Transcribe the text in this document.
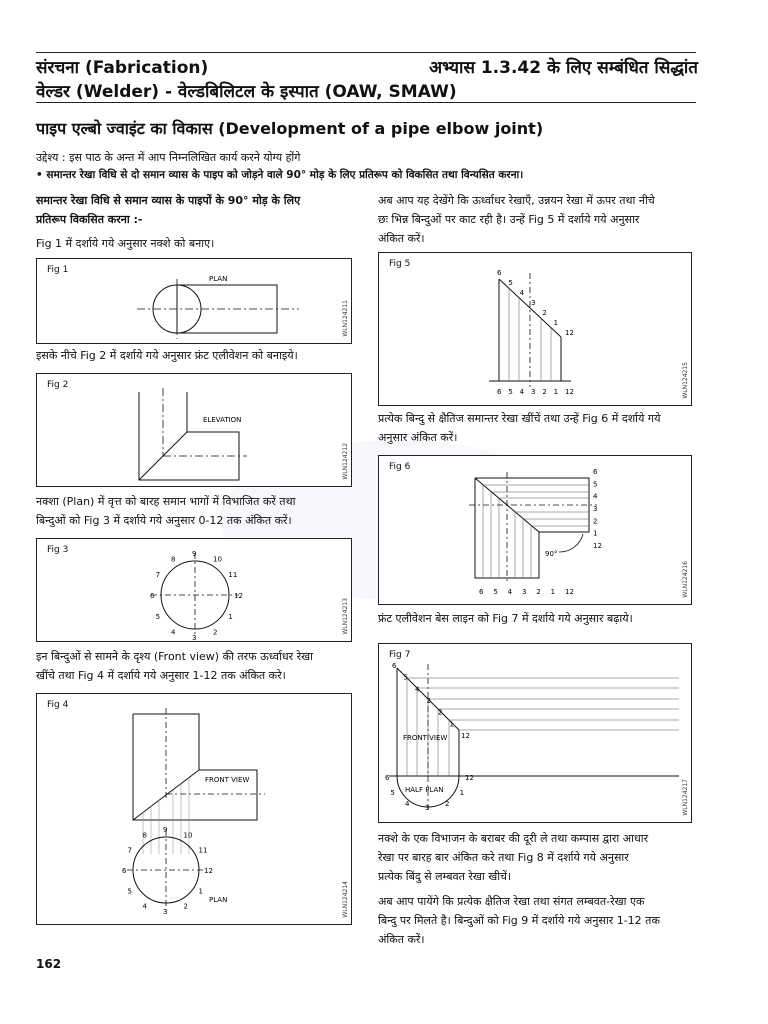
संरचना (Fabrication)
वेल्डर (Welder) - वेल्डबिलिटल के इस्पात (OAW, SMAW)
अभ्यास 1.3.42 के लिए सम्बंधित सिद्धांत
पाइप एल्बो ज्वाइंट का विकास (Development of a pipe elbow joint)
उद्देश्य : इस पाठ के अन्त में आप निम्नलिखित कार्य करने योग्य होंगे
• समान्तर रेखा विधि से दो समान व्यास के पाइप को जोड़ने वाले 90° मोड़ के लिए प्रतिरूप को विकसित तथा विन्यसित करना।
समान्तर रेखा विधि से समान व्यास के पाइपों के 90° मोड़ के लिए
प्रतिरूप विकसित करना :-
Fig 1 में दर्शाये गये अनुसार नक्शे को बनाए।
Fig 1
PLAN
WLN124211
इसके नीचे Fig 2 में दर्शाये गये अनुसार फ्रंट एलीवेशन को बनाइये।
Fig 2
ELEVATION
WLN124212
नक्शा (Plan) में वृत्त को बारह समान भागों में विभाजित करें तथा
बिन्दुओं को Fig 3 में दर्शाये गये अनुसार 0-12 तक अंकित करें।
Fig 3	9
10
11
12
1
2
3
4
5
6
7
8
WLN124213
इन बिन्दुओं से सामने के दृश्य (Front view) की तरफ ऊर्ध्वाधर रेखा
खींचे तथा Fig 4 में दर्शाये गये अनुसार 1-12 तक अंकित करे।
Fig 4
FRONT VIEW
PLAN
9
10
11
12
1
2
3
4
5
6
7
8
WLN124214
अब आप यह देखेंगे कि ऊर्ध्वाधर रेखाएँ, उन्नयन रेखा में ऊपर तथा नीचे
छः भिन्न बिन्दुओं पर काट रही है। उन्हें Fig 5 में दर्शाये गये अनुसार
अंकित करें।
Fig 5
6
5
4
3
2
1
12
6 5 4 3 2 1 12	WLN124215
प्रत्येक बिन्दु से क्षैतिज समान्तर रेखा खींचें तथा उन्हें Fig 6 में दर्शाये गये
अनुसार अंकित करें।
Fig 6
90°
6
5
4
3
2
1
12
6 5 4 3 2 1 12	WLN124216
फ्रंट एलीवेशन बेस लाइन को Fig 7 में दर्शाये गये अनुसार बढ़ाये।
Fig 7
FRONT VIEW
HALF PLAN
6
5
4
3
2
1
12
6
5
4
3
2
1
12
WLN124217
नक्शे के एक विभाजन के बराबर की दूरी ले तथा कम्पास द्वारा आधार
रेखा पर बारह बार अंकित करे तथा Fig 8 में दर्शाये गये अनुसार
प्रत्येक बिंदु से लम्बवत रेखा खीचें।
अब आप पायेंगे कि प्रत्येक क्षैतिज रेखा तथा संगत लम्बवत-रेखा एक
बिन्दु पर मिलते है। बिन्दुओं को Fig 9 में दर्शाये गये अनुसार 1-12 तक
अंकित करें।
162
